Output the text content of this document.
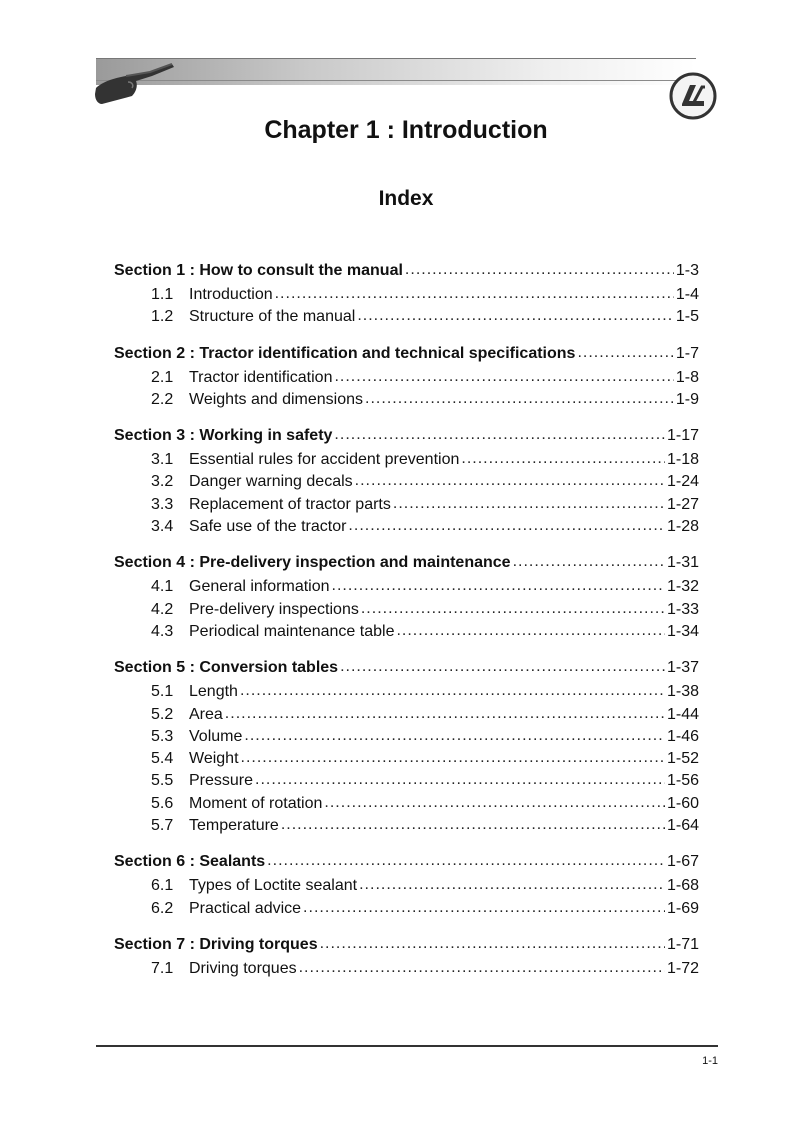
Chapter 1 : Introduction
Index
Section 1 : How to consult the manual .....	1-3
1.1 Introduction .....	1-4
1.2 Structure of the manual .....	1-5
Section 2 : Tractor identification and technical specifications .....	1-7
2.1 Tractor identification .....	1-8
2.2 Weights and dimensions .....	1-9
Section 3 : Working in safety .....	1-17
3.1 Essential rules for accident prevention .....	1-18
3.2 Danger warning decals .....	1-24
3.3 Replacement of tractor parts .....	1-27
3.4 Safe use of the tractor .....	1-28
Section 4 : Pre-delivery inspection and maintenance .....	1-31
4.1 General information .....	1-32
4.2 Pre-delivery inspections .....	1-33
4.3 Periodical maintenance table .....	1-34
Section 5 : Conversion tables .....	1-37
5.1 Length .....	1-38
5.2 Area .....	1-44
5.3 Volume .....	1-46
5.4 Weight .....	1-52
5.5 Pressure .....	1-56
5.6 Moment of rotation .....	1-60
5.7 Temperature .....	1-64
Section 6 : Sealants .....	1-67
6.1 Types of Loctite sealant .....	1-68
6.2 Practical advice .....	1-69
Section 7 : Driving torques .....	1-71
7.1 Driving torques .....	1-72
1-1
